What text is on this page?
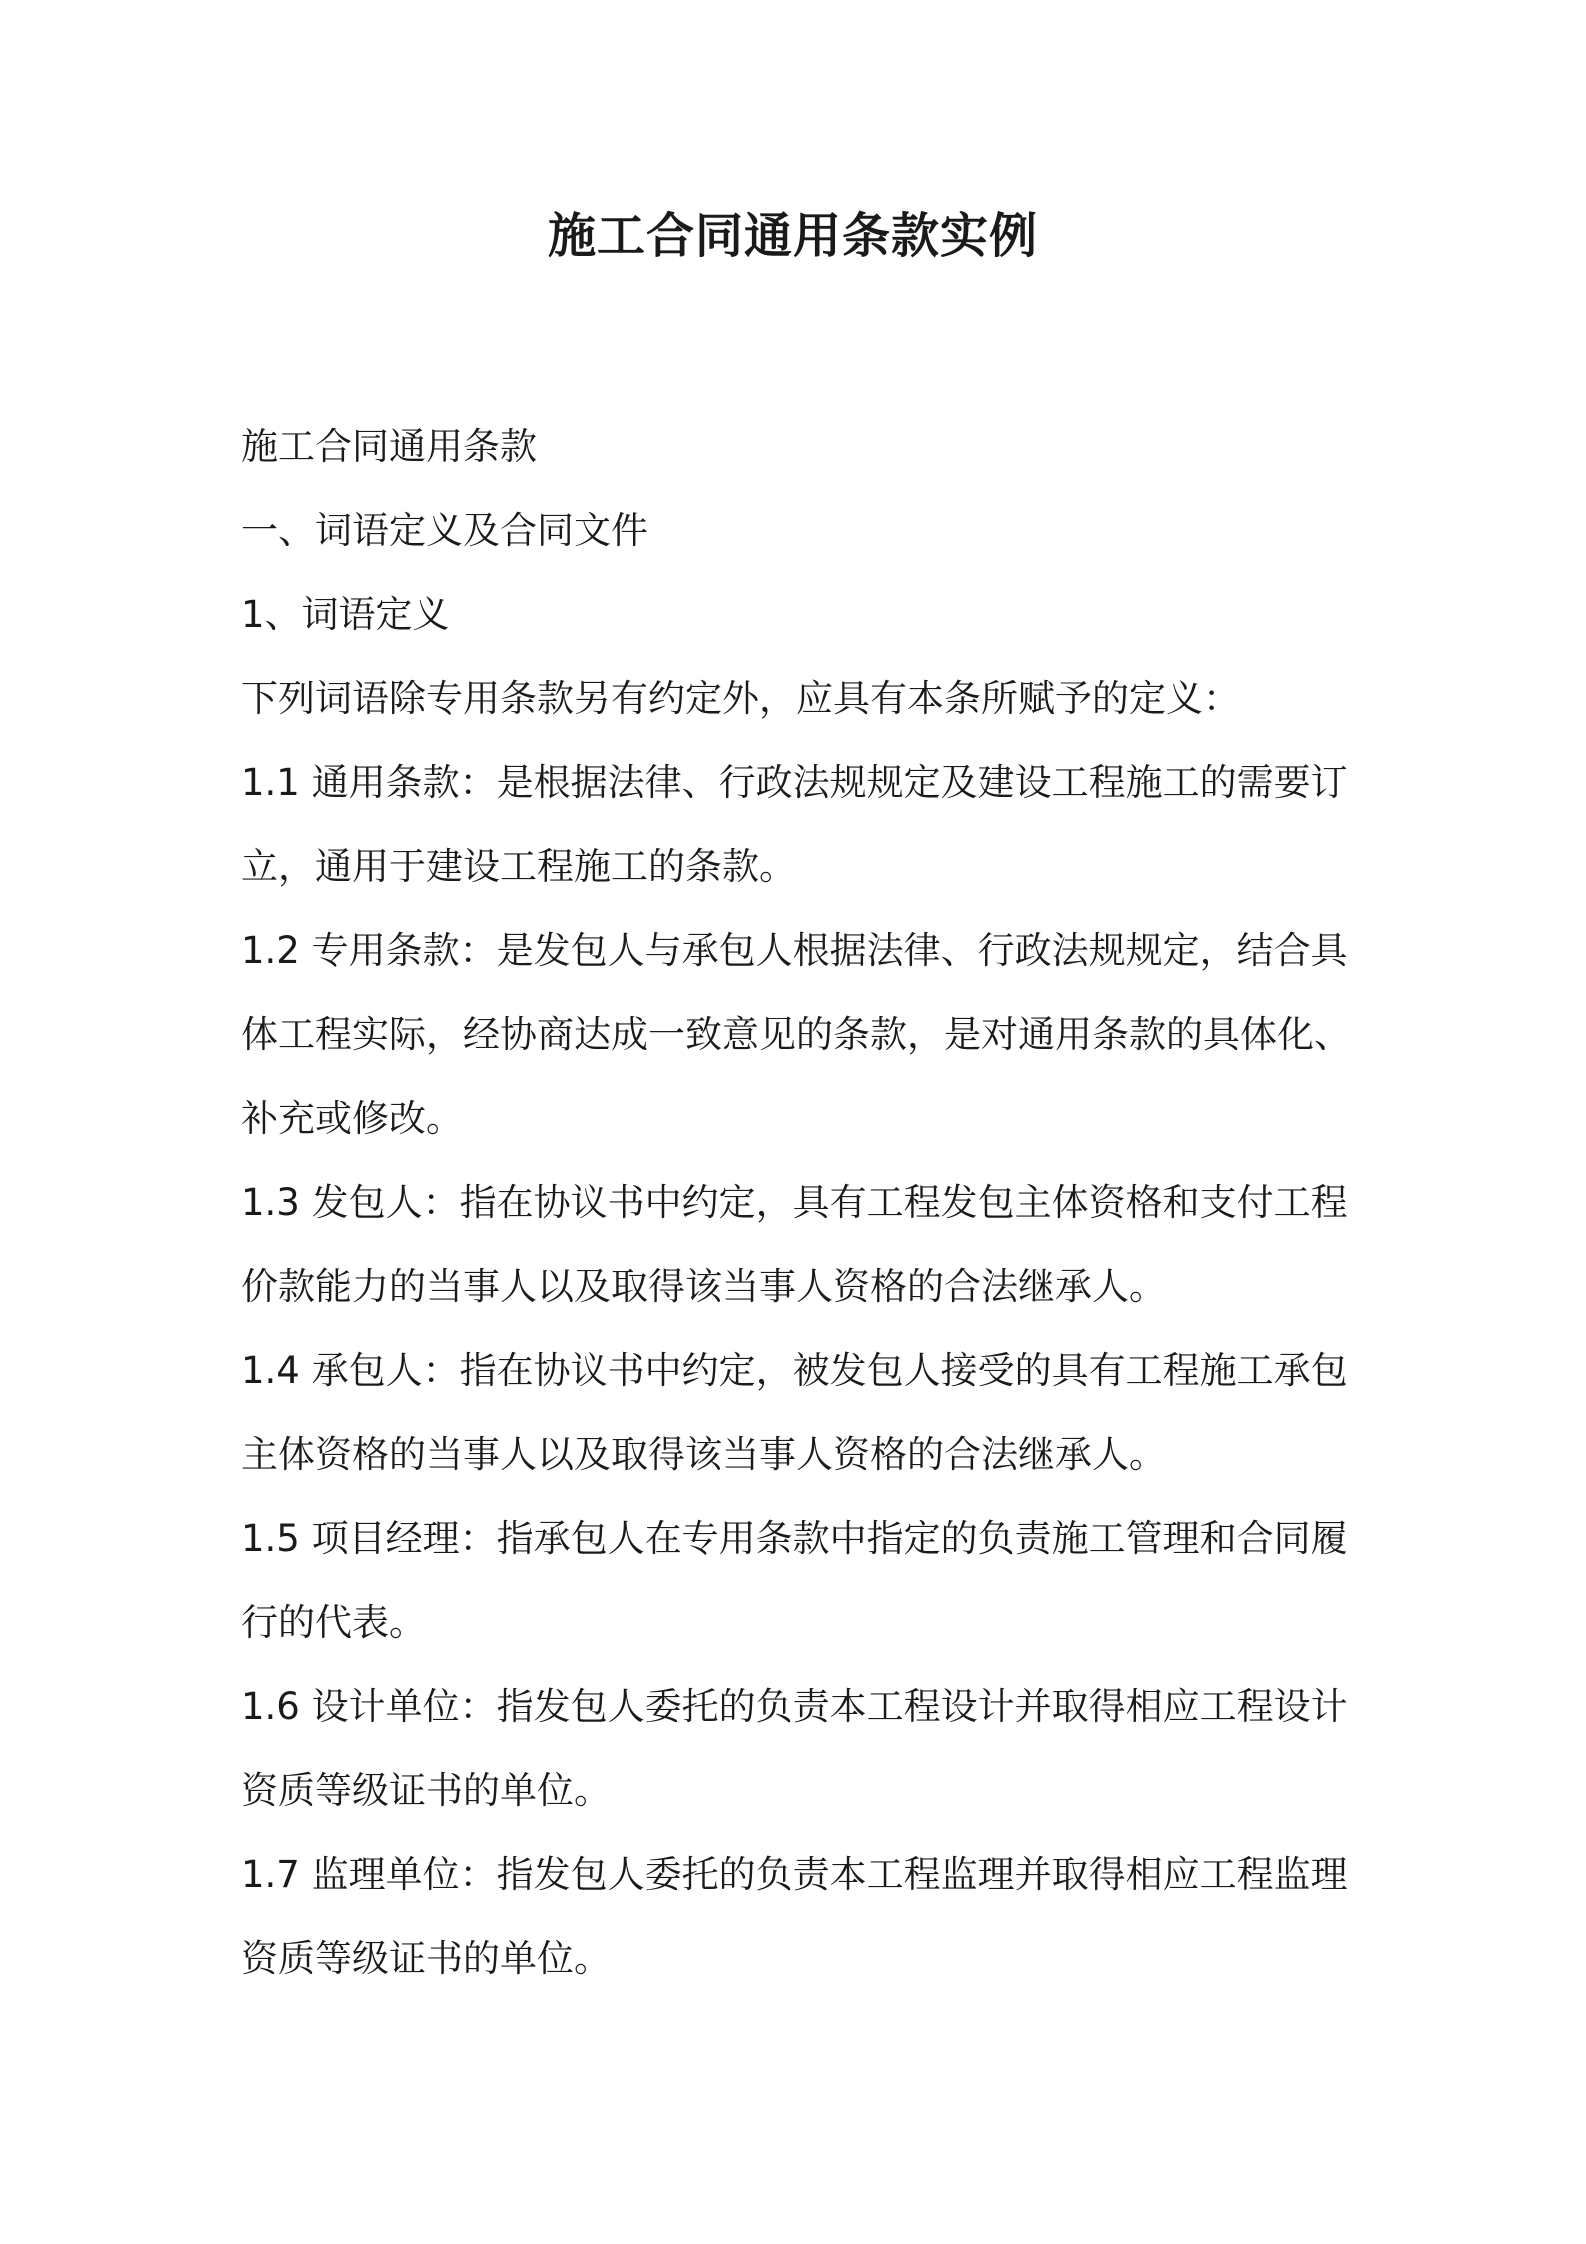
施工合同通用条款实例
施工合同通用条款
一、词语定义及合同文件
1、词语定义
下列词语除专用条款另有约定外，应具有本条所赋予的定义：
1.1 通用条款：是根据法律、行政法规规定及建设工程施工的需要订
立，通用于建设工程施工的条款。
1.2 专用条款：是发包人与承包人根据法律、行政法规规定，结合具
体工程实际，经协商达成一致意见的条款，是对通用条款的具体化、
补充或修改。
1.3 发包人：指在协议书中约定，具有工程发包主体资格和支付工程
价款能力的当事人以及取得该当事人资格的合法继承人。
1.4 承包人：指在协议书中约定，被发包人接受的具有工程施工承包
主体资格的当事人以及取得该当事人资格的合法继承人。
1.5 项目经理：指承包人在专用条款中指定的负责施工管理和合同履
行的代表。
1.6 设计单位：指发包人委托的负责本工程设计并取得相应工程设计
资质等级证书的单位。
1.7 监理单位：指发包人委托的负责本工程监理并取得相应工程监理
资质等级证书的单位。
